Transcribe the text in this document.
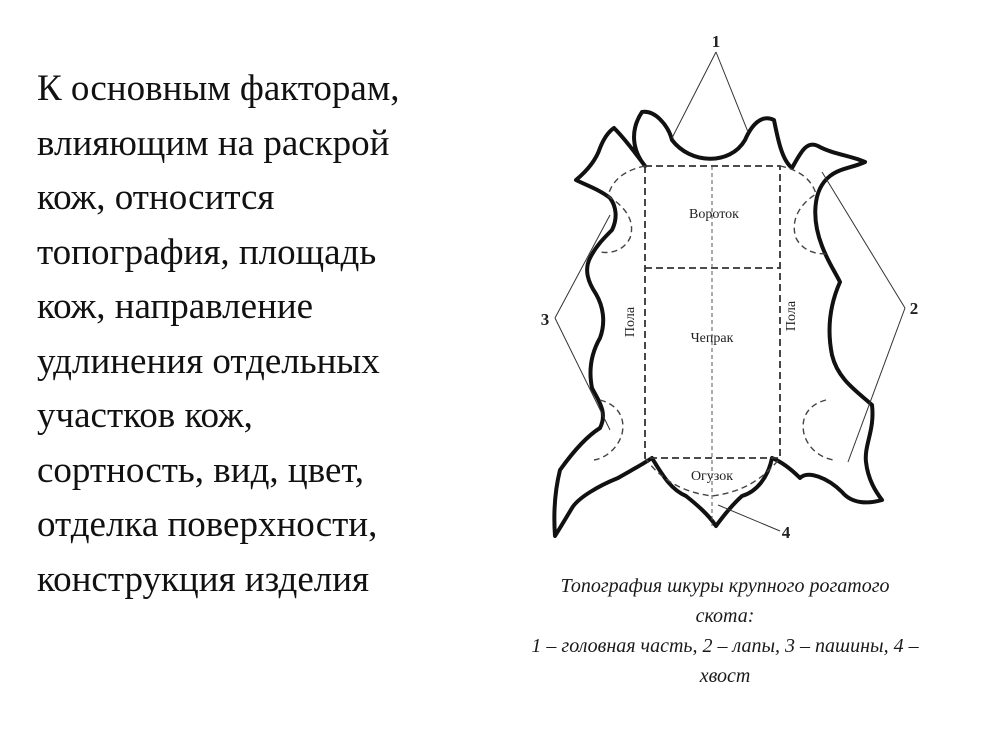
К основным факторам,
влияющим на раскрой
кож, относится
топография, площадь
кож, направление
удлинения отдельных
участков кож,
сортность, вид, цвет,
отделка поверхности,
конструкция изделия
Вороток
Чепрак
Огузок
Пола	Пола
1
2
3
4
Топография шкуры крупного рогатого
скота:
1 – головная часть, 2 – лапы, 3 – пашины, 4 –
хвост
